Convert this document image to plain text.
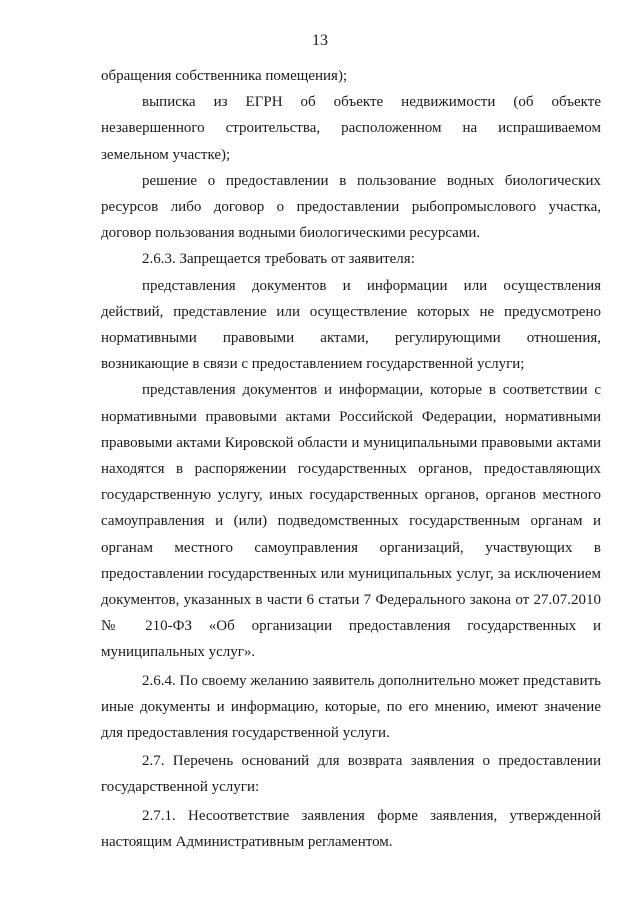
13

обращения собственника помещения);

выписка из ЕГРН об объекте недвижимости (об объекте незавершенного строительства, расположенном на испрашиваемом земельном участке);

решение о предоставлении в пользование водных биологических ресурсов либо договор о предоставлении рыбопромыслового участка, договор пользования водными биологическими ресурсами.

2.6.3. Запрещается требовать от заявителя:

представления документов и информации или осуществления действий, представление или осуществление которых не предусмотрено нормативными правовыми актами, регулирующими отношения, возникающие в связи с предоставлением государственной услуги;

представления документов и информации, которые в соответствии с нормативными правовыми актами Российской Федерации, нормативными правовыми актами Кировской области и муниципальными правовыми актами находятся в распоряжении государственных органов, предоставляющих государственную услугу, иных государственных органов, органов местного самоуправления и (или) подведомственных государственным органам и органам местного самоуправления организаций, участвующих в предоставлении государственных или муниципальных услуг, за исключением документов, указанных в части 6 статьи 7 Федерального закона от 27.07.2010 № 210-ФЗ «Об организации предоставления государственных и муниципальных услуг».

2.6.4. По своему желанию заявитель дополнительно может представить иные документы и информацию, которые, по его мнению, имеют значение для предоставления государственной услуги.

2.7. Перечень оснований для возврата заявления о предоставлении государственной услуги:

2.7.1. Несоответствие заявления форме заявления, утвержденной настоящим Административным регламентом.
